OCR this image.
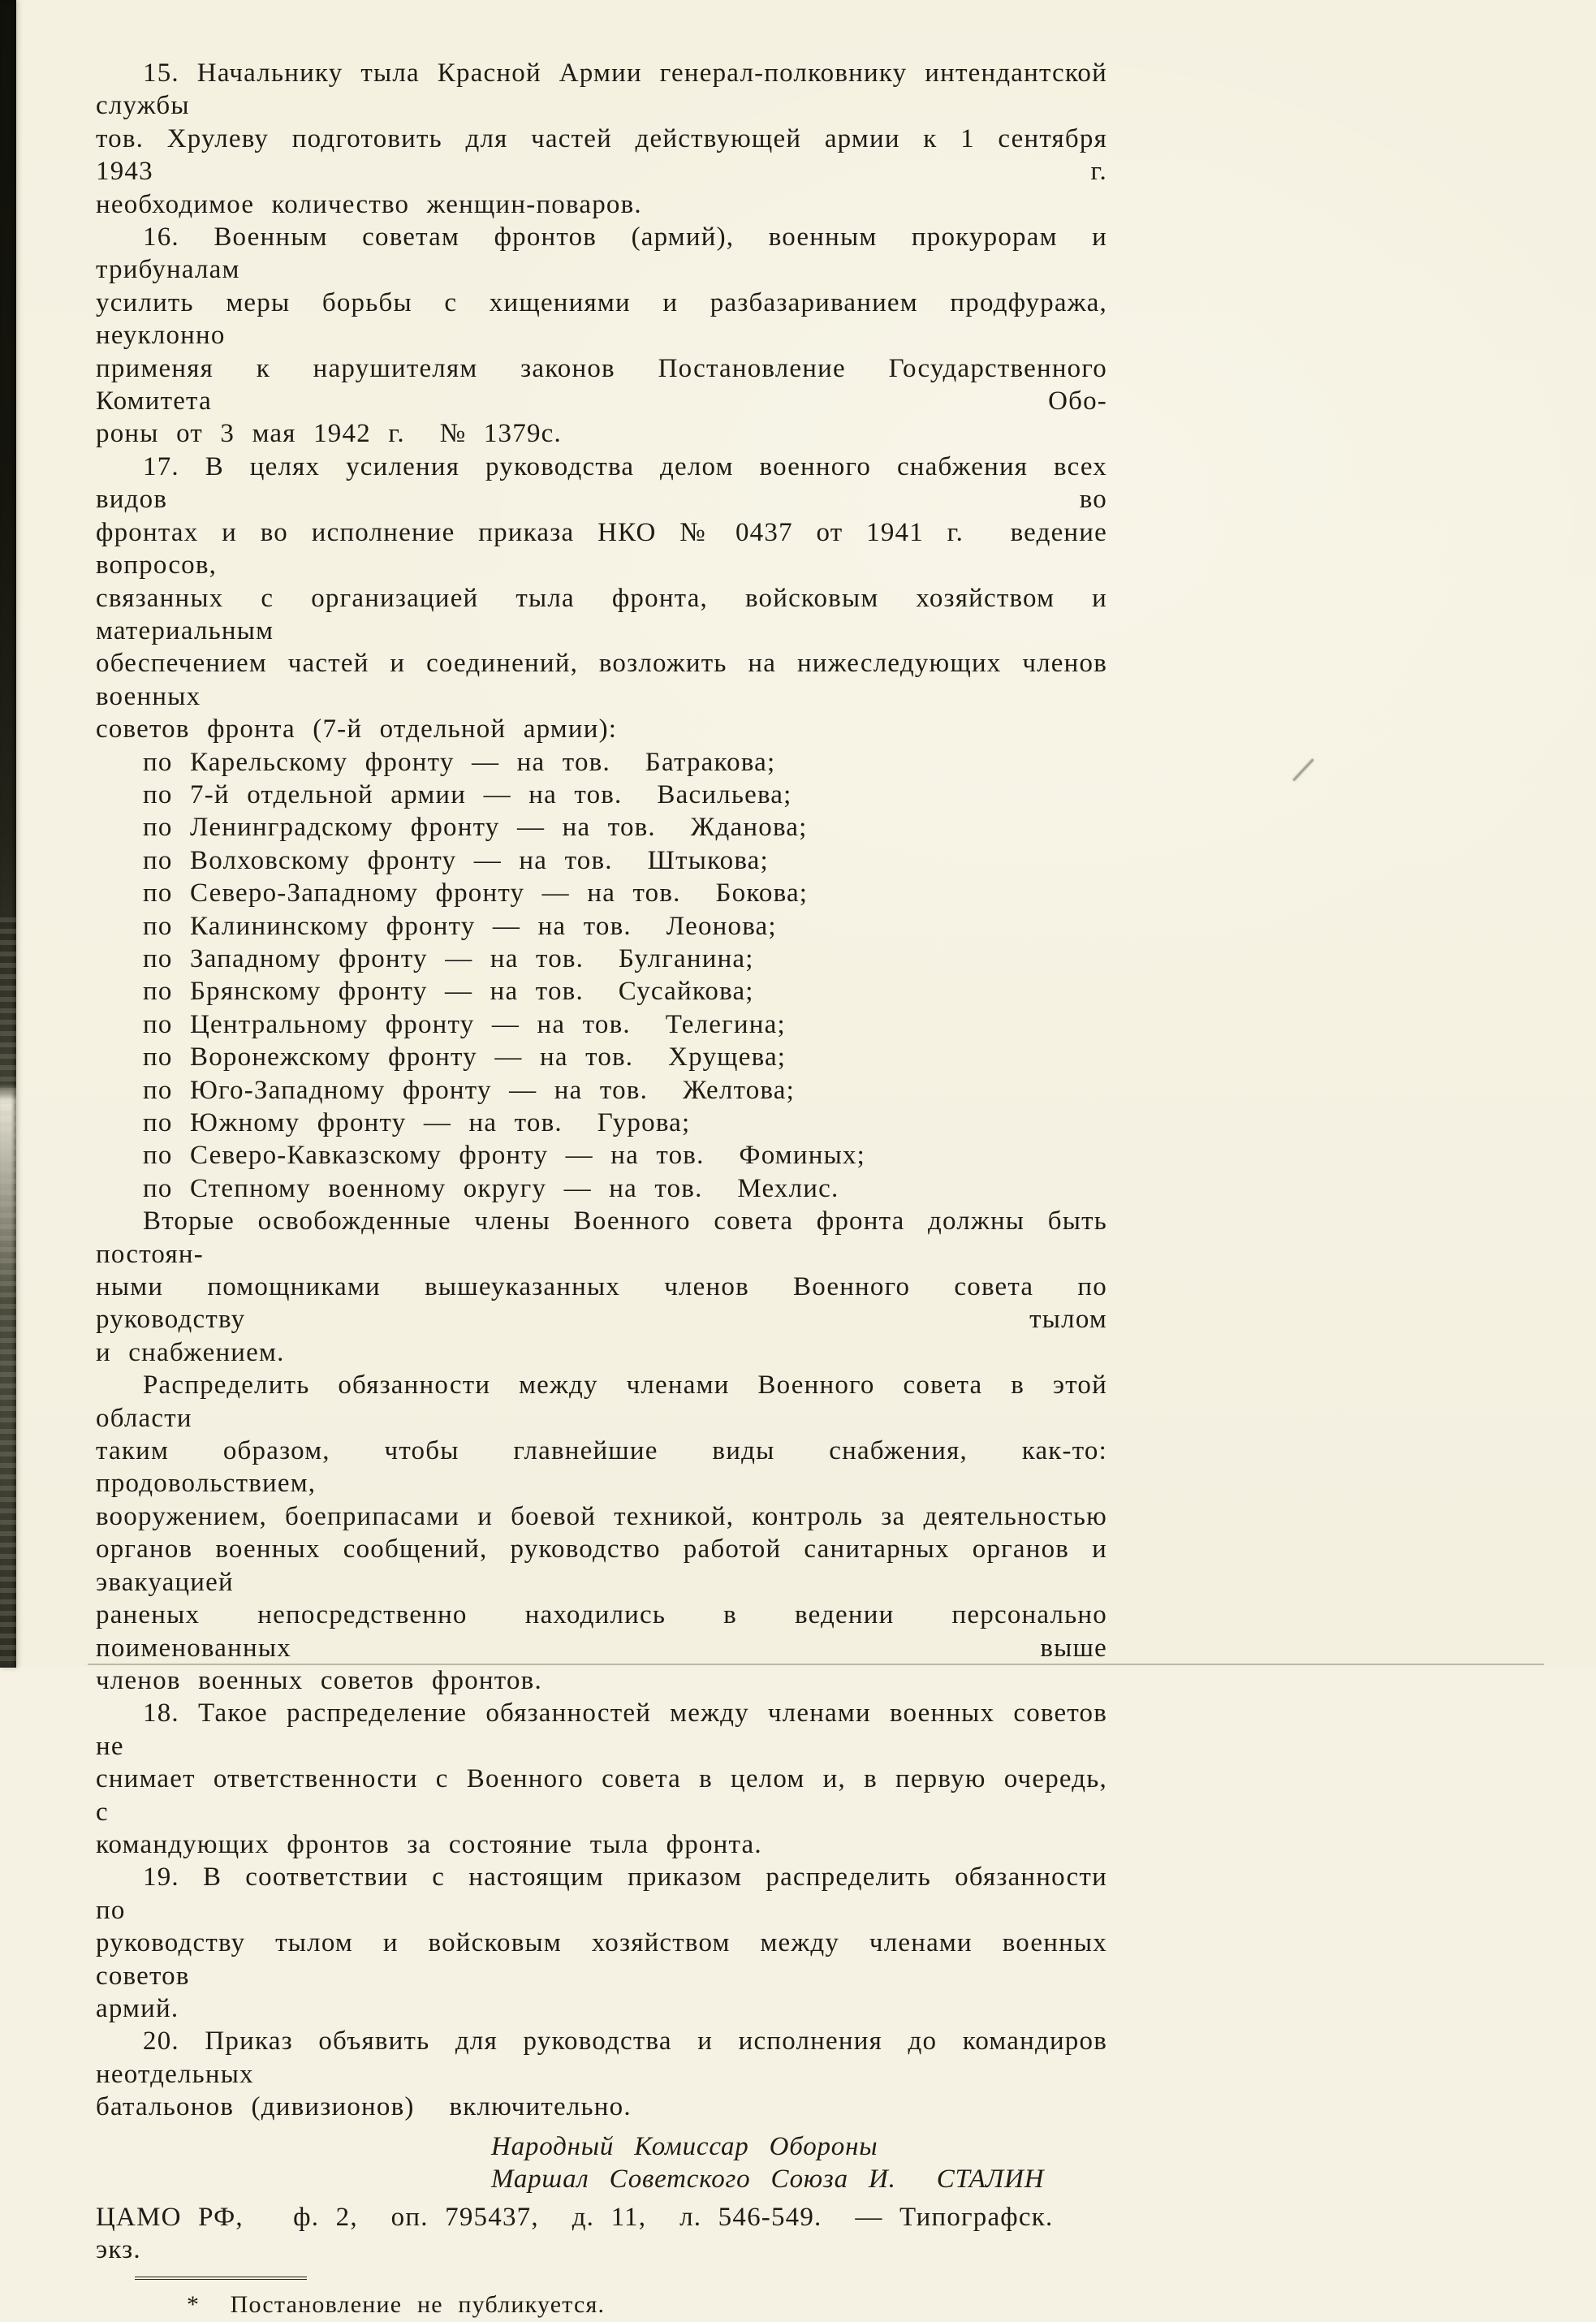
15. Начальнику тыла Красной Армии генерал-полковнику интендантской службы
тов. Хрулеву подготовить для частей действующей армии к 1 сентября 1943 г.
необходимое количество женщин-поваров.
16. Военным советам фронтов (армий), военным прокурорам и трибуналам
усилить меры борьбы с хищениями и разбазариванием продфуража, неуклонно
применяя к нарушителям законов Постановление Государственного Комитета Обо-
роны от 3 мая 1942 г.  № 1379с.
17. В целях усиления руководства делом военного снабжения всех видов во
фронтах и во исполнение приказа НКО № 0437 от 1941 г.  ведение вопросов,
связанных с организацией тыла фронта, войсковым хозяйством и материальным
обеспечением частей и соединений, возложить на нижеследующих членов военных
советов фронта (7-й отдельной армии):
по Карельскому фронту — на тов.  Батракова;
по 7-й отдельной армии — на тов.  Васильева;
по Ленинградскому фронту — на тов.  Жданова;
по Волховскому фронту — на тов.  Штыкова;
по Северо-Западному фронту — на тов.  Бокова;
по Калининскому фронту — на тов.  Леонова;
по Западному фронту — на тов.  Булганина;
по Брянскому фронту — на тов.  Сусайкова;
по Центральному фронту — на тов.  Телегина;
по Воронежскому фронту — на тов.  Хрущева;
по Юго-Западному фронту — на тов.  Желтова;
по Южному фронту — на тов.  Гурова;
по Северо-Кавказскому фронту — на тов.  Фоминых;
по Степному военному округу — на тов.  Мехлис.
Вторые освобожденные члены Военного совета фронта должны быть постоян-
ными помощниками вышеуказанных членов Военного совета по руководству тылом
и снабжением.
Распределить обязанности между членами Военного совета в этой области
таким образом, чтобы главнейшие виды снабжения, как-то: продовольствием,
вооружением, боеприпасами и боевой техникой, контроль за деятельностью
органов военных сообщений, руководство работой санитарных органов и эвакуацией
раненых непосредственно находились в ведении персонально поименованных выше
членов военных советов фронтов.
18. Такое распределение обязанностей между членами военных советов не
снимает ответственности с Военного совета в целом и, в первую очередь, с
командующих фронтов за состояние тыла фронта.
19. В соответствии с настоящим приказом распределить обязанности по
руководству тылом и войсковым хозяйством между членами военных советов
армий.
20. Приказ объявить для руководства и исполнения до командиров неотдельных
батальонов (дивизионов)  включительно.
Народный Комиссар Обороны
Маршал Советского Союза И.  СТАЛИН
ЦАМО РФ,   ф. 2,  оп. 795437,  д. 11,  л. 546-549.  — Типографск.  экз.
*  Постановление не публикуется.
